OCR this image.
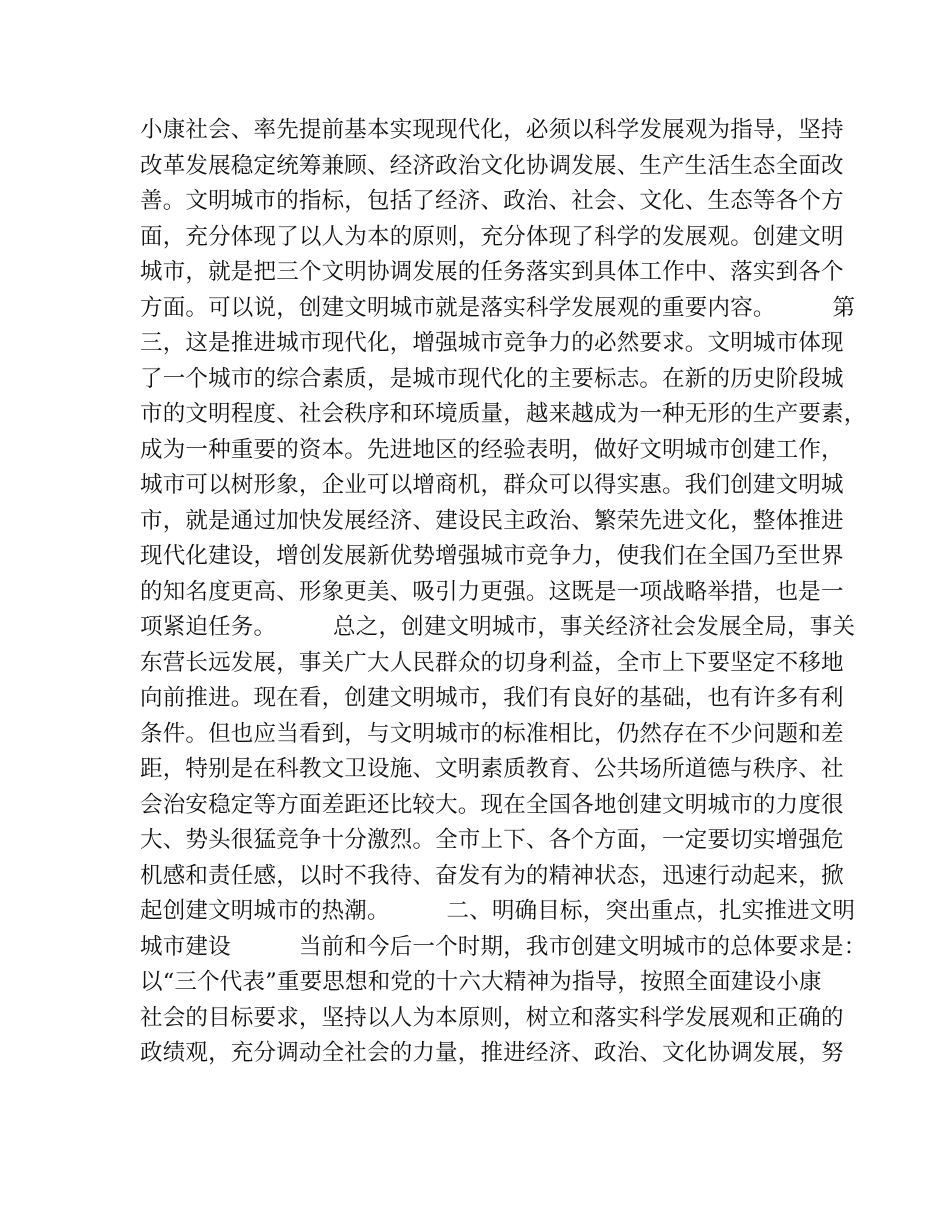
小康社会、率先提前基本实现现代化，必须以科学发展观为指导，坚持
改革发展稳定统筹兼顾、经济政治文化协调发展、生产生活生态全面改
善。文明城市的指标，包括了经济、政治、社会、文化、生态等各个方
面，充分体现了以人为本的原则，充分体现了科学的发展观。创建文明
城市，就是把三个文明协调发展的任务落实到具体工作中、落实到各个
方面。可以说，创建文明城市就是落实科学发展观的重要内容。　　　第
三，这是推进城市现代化，增强城市竞争力的必然要求。文明城市体现
了一个城市的综合素质，是城市现代化的主要标志。在新的历史阶段城
市的文明程度、社会秩序和环境质量，越来越成为一种无形的生产要素，
成为一种重要的资本。先进地区的经验表明，做好文明城市创建工作，
城市可以树形象，企业可以增商机，群众可以得实惠。我们创建文明城
市，就是通过加快发展经济、建设民主政治、繁荣先进文化，整体推进
现代化建设，增创发展新优势增强城市竞争力，使我们在全国乃至世界
的知名度更高、形象更美、吸引力更强。这既是一项战略举措，也是一
项紧迫任务。　　　总之，创建文明城市，事关经济社会发展全局，事关
东营长远发展，事关广大人民群众的切身利益，全市上下要坚定不移地
向前推进。现在看，创建文明城市，我们有良好的基础，也有许多有利
条件。但也应当看到，与文明城市的标准相比，仍然存在不少问题和差
距，特别是在科教文卫设施、文明素质教育、公共场所道德与秩序、社
会治安稳定等方面差距还比较大。现在全国各地创建文明城市的力度很
大、势头很猛竞争十分激烈。全市上下、各个方面，一定要切实增强危
机感和责任感，以时不我待、奋发有为的精神状态，迅速行动起来，掀
起创建文明城市的热潮。　　　二、明确目标，突出重点，扎实推进文明
城市建设　　　当前和今后一个时期，我市创建文明城市的总体要求是：
以“三个代表”重要思想和党的十六大精神为指导，按照全面建设小康
社会的目标要求，坚持以人为本原则，树立和落实科学发展观和正确的
政绩观，充分调动全社会的力量，推进经济、政治、文化协调发展，努
